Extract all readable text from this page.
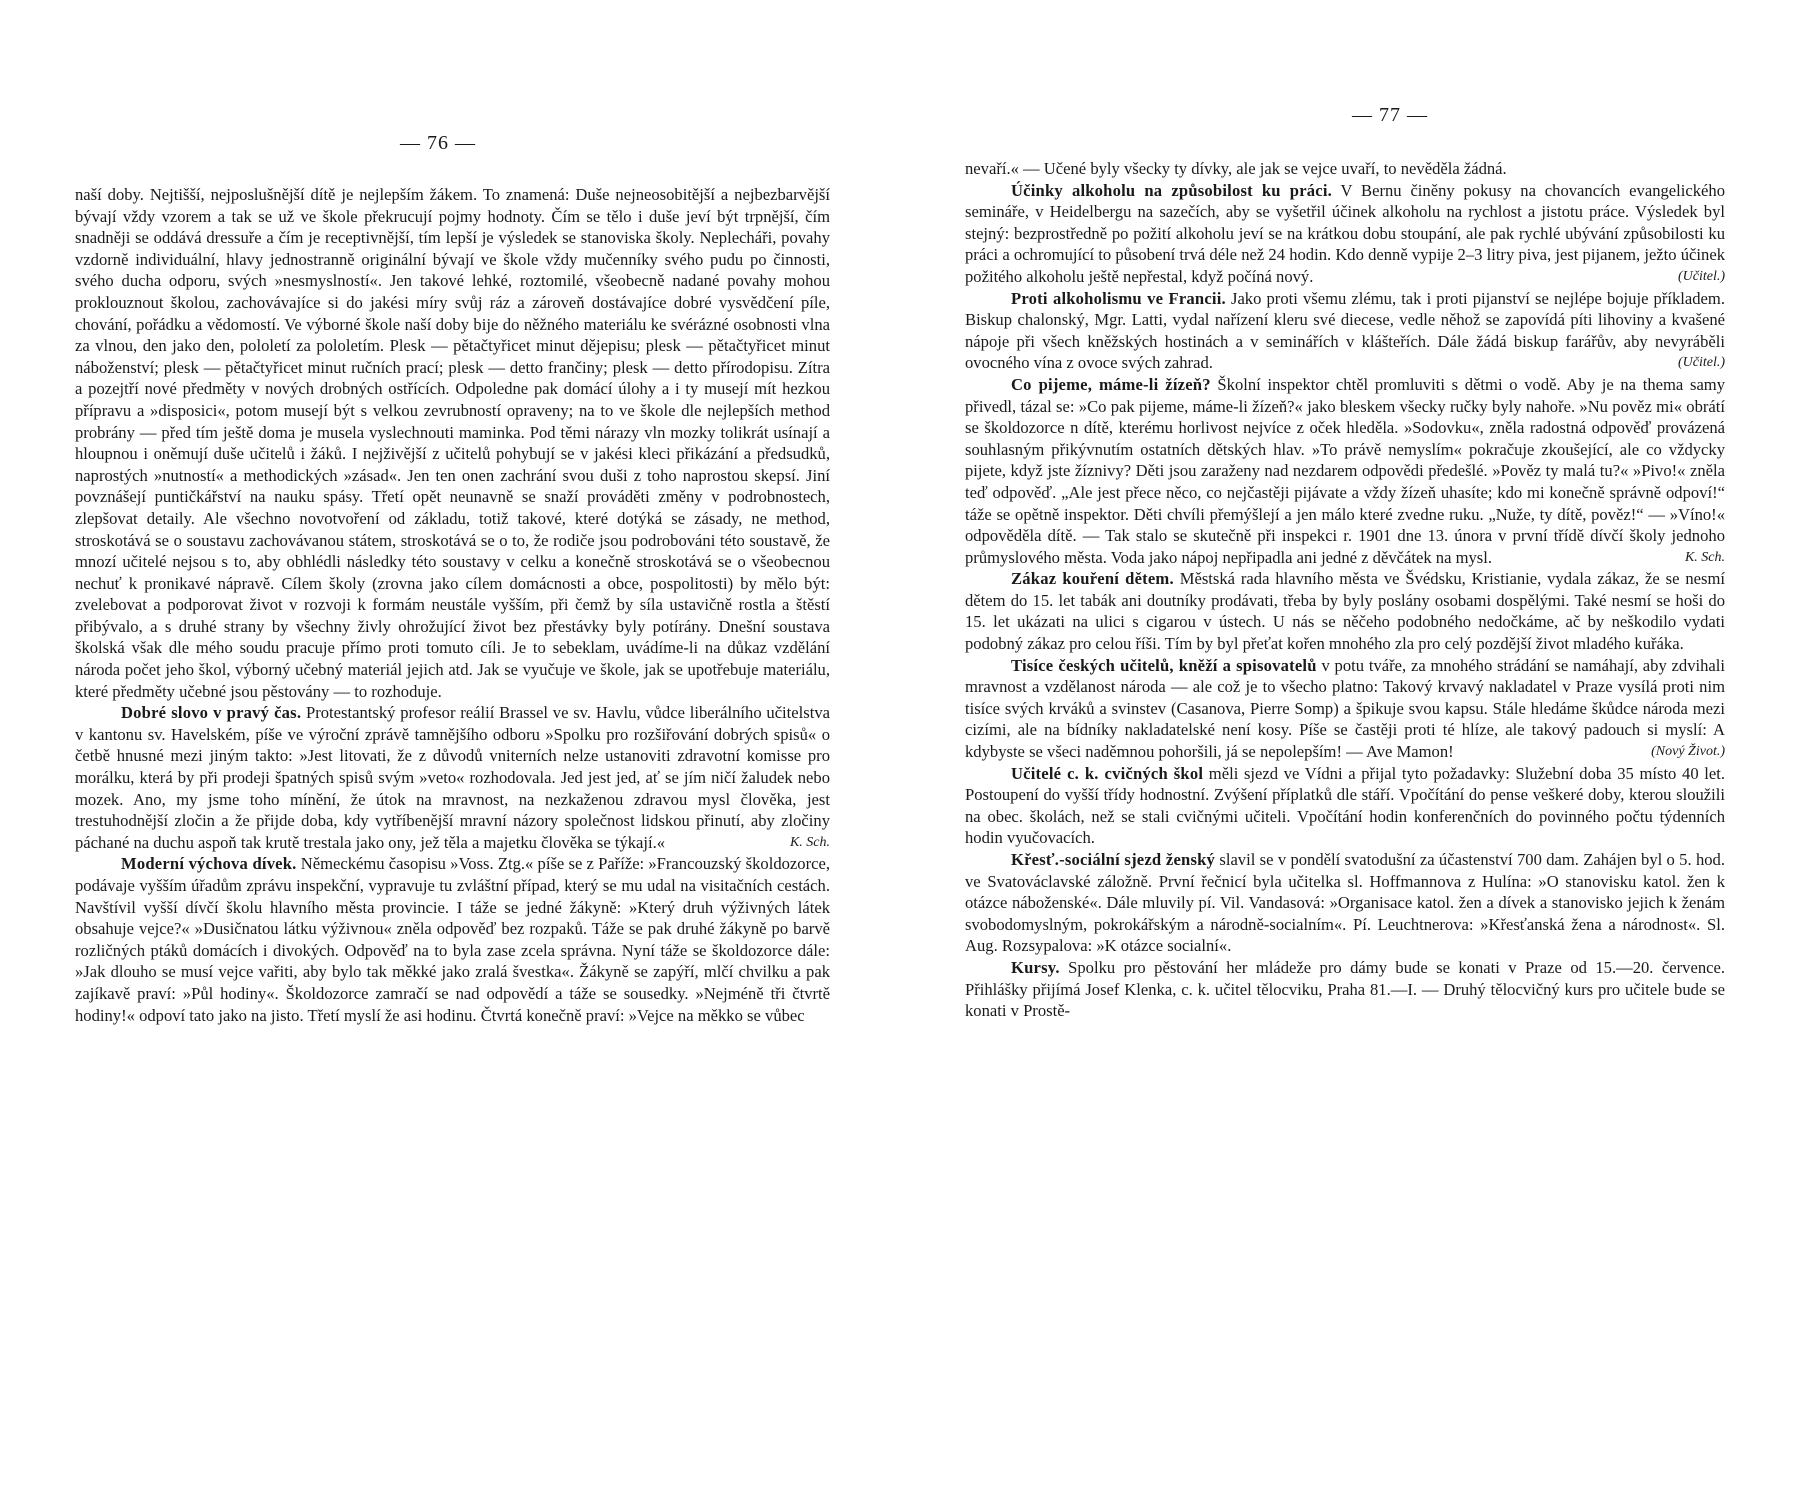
— 76 —

naší doby. Nejtišší, nejposlušnější dítě je nejlepším žákem. To znamená: Duše nejneosobitější a nejbezbarvější bývají vždy vzorem a tak se už ve škole překrucují pojmy hodnoty. Čím se tělo i duše jeví být trpnější, čím snadněji se oddává dressuře a čím je receptivnější, tím lepší je výsledek se stanoviska školy. Neplecháři, povahy vzdorně individuální, hlavy jednostranně originální bývají ve škole vždy mučenníky svého pudu po činnosti, svého ducha odporu, svých »nesmyslností«. Jen takové lehké, roztomilé, všeobecně nadané povahy mohou proklouznout školou, zachovávajíce si do jakési míry svůj ráz a zároveň dostávajíce dobré vysvědčení píle, chování, pořádku a vědomostí. Ve výborné škole naší doby bije do něžného materiálu ke svérázné osobnosti vlna za vlnou, den jako den, pololetí za pololetím. Plesk — pětačtyřicet minut dějepisu; plesk — pětačtyřicet minut náboženství; plesk — pětačtyřicet minut ručních prací; plesk — detto frančiny; plesk — detto přírodopisu. Zítra a pozejtří nové předměty v nových drobných ostřících. Odpoledne pak domácí úlohy a i ty musejí mít hezkou přípravu a »disposici«, potom musejí být s velkou zevrubností opraveny; na to ve škole dle nejlepších method probrány — před tím ještě doma je musela vyslechnouti maminka. Pod těmi nárazy vln mozky tolikrát usínají a hloupnou i oněmují duše učitelů i žáků. I nejživější z učitelů pohybují se v jakési kleci přikázání a předsudků, naprostých »nutností« a methodických »zásad«. Jen ten onen zachrání svou duši z toho naprostou skepsí. Jiní povznášejí puntičkářství na nauku spásy. Třetí opět neunavně se snaží prováděti změny v podrobnostech, zlepšovat detaily. Ale všechno novotvoření od základu, totiž takové, které dotýká se zásady, ne method, stroskotává se o soustavu zachovávanou státem, stroskotává se o to, že rodiče jsou podrobováni této soustavě, že mnozí učitelé nejsou s to, aby obhlédli následky této soustavy v celku a konečně stroskotává se o všeobecnou nechuť k pronikavé nápravě. Cílem školy (zrovna jako cílem domácnosti a obce, pospolitosti) by mělo být: zvelebovat a podporovat život v rozvoji k formám neustále vyšším, při čemž by síla ustavičně rostla a štěstí přibývalo, a s druhé strany by všechny živly ohrožující život bez přestávky byly potírány. Dnešní soustava školská však dle mého soudu pracuje přímo proti tomuto cíli. Je to sebeklam, uvádíme-li na důkaz vzdělání národa počet jeho škol, výborný učebný materiál jejich atd. Jak se vyučuje ve škole, jak se upotřebuje materiálu, které předměty učebné jsou pěstovány — to rozhoduje.

Dobré slovo v pravý čas. Protestantský profesor reálií Brassel ve sv. Havlu, vůdce liberálního učitelstva v kantonu sv. Havelském, píše ve výroční zprávě tamnějšího odboru »Spolku pro rozšiřování dobrých spisů« o četbě hnusné mezi jiným takto: »Jest litovati, že z důvodů vniterních nelze ustanoviti zdravotní komisse pro morálku, která by při prodeji špatných spisů svým »veto« rozhodovala. Jed jest jed, ať se jím ničí žaludek nebo mozek. Ano, my jsme toho mínění, že útok na mravnost, na nezkaženou zdravou mysl člověka, jest trestuhodnější zločin a že přijde doba, kdy vytříbenější mravní názory společnost lidskou přinutí, aby zločiny páchané na duchu aspoň tak krutě trestala jako ony, jež těla a majetku člověka se týkají.«	K. Sch.

Moderní výchova dívek. Německému časopisu »Voss. Ztg.« píše se z Paříže: »Francouzský školdozorce, podávaje vyšším úřadům zprávu inspekční, vypravuje tu zvláštní případ, který se mu udal na visitačních cestách. Navštívil vyšší dívčí školu hlavního města provincie. I táže se jedné žákyně: »Který druh výživných látek obsahuje vejce?« »Dusičnatou látku výživnou« zněla odpověď bez rozpaků. Táže se pak druhé žákyně po barvě rozličných ptáků domácích i divokých. Odpověď na to byla zase zcela správna. Nyní táže se školdozorce dále: »Jak dlouho se musí vejce vařiti, aby bylo tak měkké jako zralá švestka«. Žákyně se zapýří, mlčí chvilku a pak zajíkavě praví: »Půl hodiny«. Školdozorce zamračí se nad odpovědí a táže se sousedky. »Nejméně tři čtvrtě hodiny!« odpoví tato jako na jisto. Třetí myslí že asi hodinu. Čtvrtá konečně praví: »Vejce na měkko se vůbec

— 77 —

nevaří.« — Učené byly všecky ty dívky, ale jak se vejce uvaří, to nevěděla žádná.

Účinky alkoholu na způsobilost ku práci. V Bernu činěny pokusy na chovancích evangelického semináře, v Heidelbergu na sazečích, aby se vyšetřil účinek alkoholu na rychlost a jistotu práce. Výsledek byl stejný: bezprostředně po požití alkoholu jeví se na krátkou dobu stoupání, ale pak rychlé ubývání způsobilosti ku práci a ochromující to působení trvá déle než 24 hodin. Kdo denně vypije 2–3 litry piva, jest pijanem, ježto účinek požitého alkoholu ještě nepřestal, když počíná nový.	(Učitel.)

Proti alkoholismu ve Francii. Jako proti všemu zlému, tak i proti pijanství se nejlépe bojuje příkladem. Biskup chalonský, Mgr. Latti, vydal nařízení kleru své diecese, vedle něhož se zapovídá píti lihoviny a kvašené nápoje při všech kněžských hostinách a v seminářích v klášteřích. Dále žádá biskup farářův, aby nevyráběli ovocného vína z ovoce svých zahrad.	(Učitel.)

Co pijeme, máme-li žízeň? Školní inspektor chtěl promluviti s dětmi o vodě. Aby je na thema samy přivedl, tázal se: »Co pak pijeme, máme-li žízeň?« jako bleskem všecky ručky byly nahoře. »Nu pověz mi« obrátí se školdozorce n dítě, kterému horlivost nejvíce z oček hleděla. »Sodovku«, zněla radostná odpověď provázená souhlasným přikývnutím ostatních dětských hlav. »To právě nemyslím« pokračuje zkoušející, ale co vždycky pijete, když jste žíznivy? Děti jsou zaraženy nad nezdarem odpovědi předešlé. »Pověz ty malá tu?« »Pivo!« zněla teď odpověď. „Ale jest přece něco, co nejčastěji pijávate a vždy žízeň uhasíte; kdo mi konečně správně odpoví!“ táže se opětně inspektor. Děti chvíli přemýšlejí a jen málo které zvedne ruku. „Nuže, ty dítě, pověz!“ — »Víno!« odpověděla dítě. — Tak stalo se skutečně při inspekci r. 1901 dne 13. února v první třídě dívčí školy jednoho průmyslového města. Voda jako nápoj nepřipadla ani jedné z děvčátek na mysl.	K. Sch.

Zákaz kouření dětem. Městská rada hlavního města ve Švédsku, Kristianie, vydala zákaz, že se nesmí dětem do 15. let tabák ani doutníky prodávati, třeba by byly poslány osobami dospělými. Také nesmí se hoši do 15. let ukázati na ulici s cigarou v ústech. U nás se něčeho podobného nedočkáme, ač by neškodilo vydati podobný zákaz pro celou říši. Tím by byl přeťat kořen mnohého zla pro celý pozdější život mladého kuřáka.

Tisíce českých učitelů, kněží a spisovatelů v potu tváře, za mnohého strádání se namáhají, aby zdvihali mravnost a vzdělanost národa — ale což je to všecho platno: Takový krvavý nakladatel v Praze vysílá proti nim tisíce svých krváků a svinstev (Casanova, Pierre Somp) a špikuje svou kapsu. Stále hledáme škůdce národa mezi cizími, ale na bídníky nakladatelské není kosy. Píše se častěji proti té hlíze, ale takový padouch si myslí: A kdybyste se všeci naděmnou pohoršili, já se nepolepším! — Ave Mamon!	(Nový Život.)

Učitelé c. k. cvičných škol měli sjezd ve Vídni a přijal tyto požadavky: Služební doba 35 místo 40 let. Postoupení do vyšší třídy hodnostní. Zvýšení příplatků dle stáří. Vpočítání do pense veškeré doby, kterou sloužili na obec. školách, než se stali cvičnými učiteli. Vpočítání hodin konferenčních do povinného počtu týdenních hodin vyučovacích.

Křesť.-sociální sjezd ženský slavil se v pondělí svatodušní za účastenství 700 dam. Zahájen byl o 5. hod. ve Svatováclavské záložně. První řečnicí byla učitelka sl. Hoffmannova z Hulína: »O stanovisku katol. žen k otázce náboženské«. Dále mluvily pí. Vil. Vandasová: »Organisace katol. žen a dívek a stanovisko jejich k ženám svobodomyslným, pokrokářským a národně-socialním«. Pí. Leuchtnerova: »Křesťanská žena a národnost«. Sl. Aug. Rozsypalova: »K otázce socialní«.

Kursy. Spolku pro pěstování her mládeže pro dámy bude se konati v Praze od 15.—20. července. Přihlášky přijímá Josef Klenka, c. k. učitel tělocviku, Praha 81.—I. — Druhý tělocvičný kurs pro učitele bude se konati v Prostě-
